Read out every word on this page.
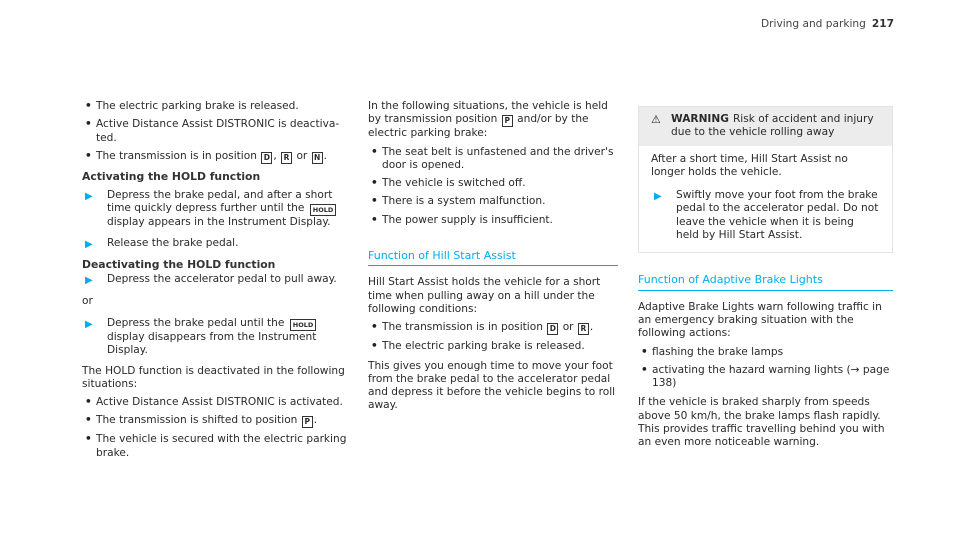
Driving and parking 217
• The electric parking brake is released.
• Active Distance Assist DISTRONIC is deactivated.
• The transmission is in position D , R or N .
Activating the HOLD function
▶	Depress the brake pedal, and after a short time quickly depress further until the HOLD display appears in the Instrument Display.
▶	Release the brake pedal.
Deactivating the HOLD function
▶	Depress the accelerator pedal to pull away.
or
▶	Depress the brake pedal until the HOLD display disappears from the Instrument Display.

The HOLD function is deactivated in the following situations:

• Active Distance Assist DISTRONIC is activated.
• The transmission is shifted to position P .
• The vehicle is secured with the electric parking brake.

In the following situations, the vehicle is held by transmission position P and/or by the electric parking brake:

• The seat belt is unfastened and the driver's door is opened.
• The vehicle is switched off.
• There is a system malfunction.
• The power supply is insufficient.
Function of Hill Start Assist

Hill Start Assist holds the vehicle for a short time when pulling away on a hill under the following conditions:

• The transmission is in position D or R .
• The electric parking brake is released.

This gives you enough time to move your foot from the brake pedal to the accelerator pedal and depress it before the vehicle begins to roll away.

⚠ WARNING Risk of accident and injury due to the vehicle rolling away

After a short time, Hill Start Assist no longer holds the vehicle.

▶	Swiftly move your foot from the brake pedal to the accelerator pedal. Do not leave the vehicle when it is being held by Hill Start Assist.
Function of Adaptive Brake Lights

Adaptive Brake Lights warn following traffic in an emergency braking situation with the following actions:

• flashing the brake lamps
• activating the hazard warning lights (→ page 138)

If the vehicle is braked sharply from speeds above 50 km/h, the brake lamps flash rapidly. This provides traffic travelling behind you with an even more noticeable warning.
